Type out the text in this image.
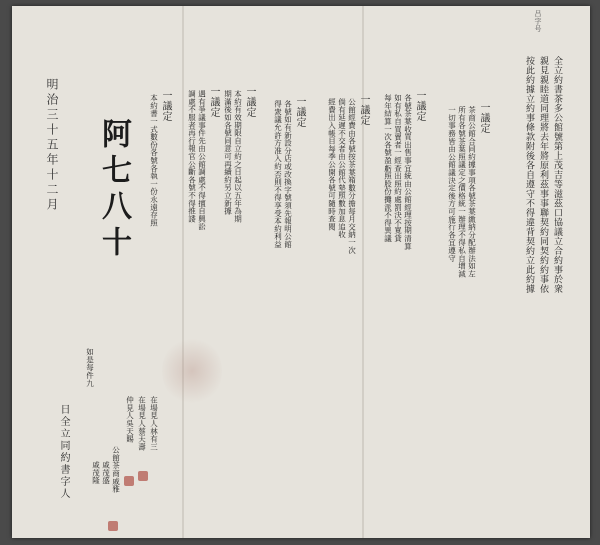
吕字号
全立約書茶多公館號第上茂吉等滋茲口協議立合約事於衆
親見親睦道同理將去年將原利茲事事聯契約同契約約事依
按此約據立約事條款附後各自遵守不得違背契約立此約據
一議定
茶商公館合同約據事項各號茶葉繳納分配辦法如左
所有各號茶葉照議定之價格統一辦理不得私自增減
一切事務皆由公館議決定後方可施行各宜遵守
一議定
各號茶葉收買出售事宜統由公館經理按期清算
如有私自買賣者一經查出照約處罰決不寬貸
每年結算一次各號盈虧照股份攤派不得異議
一議定
公館經費由各號按茶葉箱數分擔每月交納一次
倘有延遲不交者由公館代墊照數加息追收
經費出入帳目每季公開各號可隨時查閱
一議定
各號如有新設分店或改換字號須先報明公館
得衆議允許方准入約否則不得享受本約利益
一議定
本約有效期限自立約之日起以五年為期
期滿後如各號同意可再續約另立新據
一議定
遇有爭議事件先由公館調處不得擅自興訟
調處不服者再行報官公斷各號不得推諉
一議定
本約書一式數份各號各執一份永遠存照
如是每件九
阿七八十
明治三十五年十二月
日全立同約書字人	在場見人林有三
在場見人蔡天壽
仲見人吳天賜
公館茶商戚雅
戚茂盛
戚茂隆
